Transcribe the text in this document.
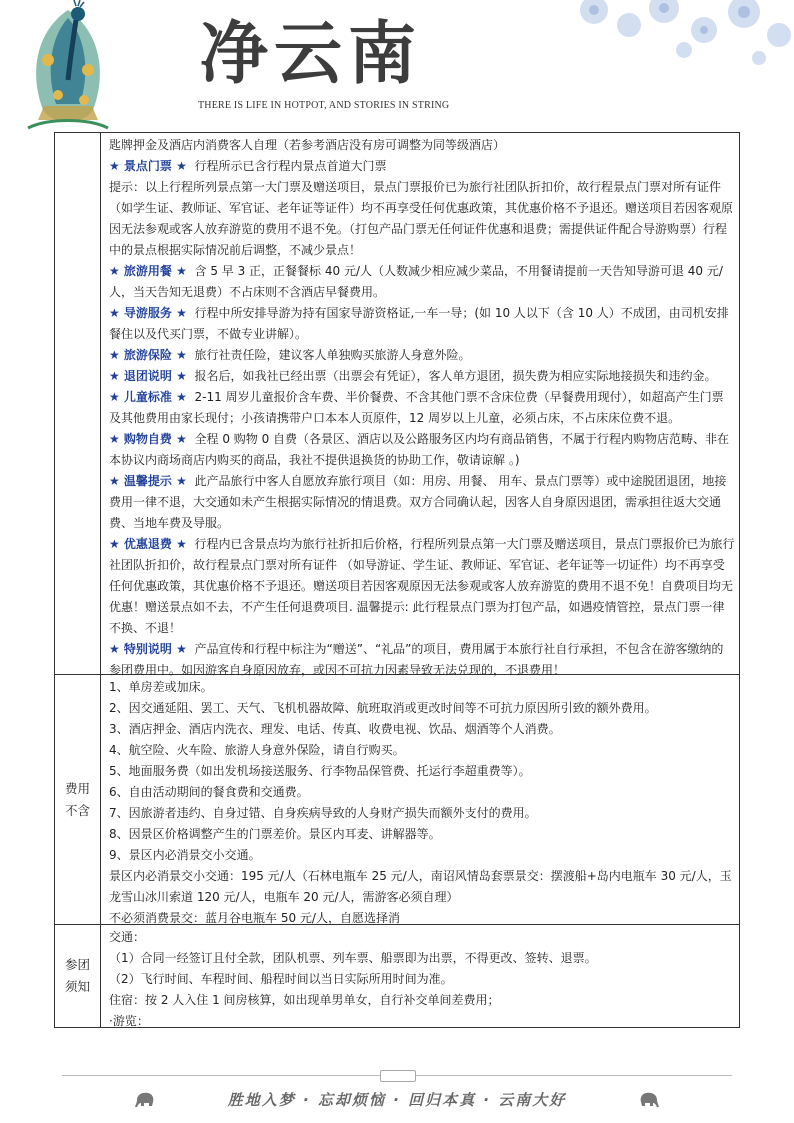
净云南
THERE IS LIFE IN HOTPOT, AND STORIES IN STRING

匙牌押金及酒店内消费客人自理（若参考酒店没有房可调整为同等级酒店）

★ 景点门票 ★ 行程所示已含行程内景点首道大门票

提示：以上行程所列景点第一大门票及赠送项目，景点门票报价已为旅行社团队折扣价，故行程景点门票对所有证件 （如学生证、教师证、军官证、老年证等证件）均不再享受任何优惠政策，其优惠价格不予退还。赠送项目若因客观原因无法参观或客人放弃游览的费用不退不免。（打包产品门票无任何证件优惠和退费；需提供证件配合导游购票）行程中的景点根据实际情况前后调整，不减少景点！

★ 旅游用餐 ★ 含 5 早 3 正，正餐餐标 40 元/人（人数减少相应减少菜品，不用餐请提前一天告知导游可退 40 元/人，当天告知无退费）不占床则不含酒店早餐费用。

★ 导游服务 ★ 行程中所安排导游为持有国家导游资格证,一车一导；(如 10 人以下（含 10 人）不成团，由司机安排餐住以及代买门票，不做专业讲解）。

★ 旅游保险 ★ 旅行社责任险，建议客人单独购买旅游人身意外险。

★ 退团说明 ★ 报名后，如我社已经出票（出票会有凭证），客人单方退团，损失费为相应实际地接损失和违约金。

★ 儿童标准 ★ 2-11 周岁儿童报价含车费、半价餐费、不含其他门票不含床位费（早餐费用现付），如超高产生门票及其他费用由家长现付；小孩请携带户口本本人页原件，12 周岁以上儿童，必须占床，不占床床位费不退。

★ 购物自费 ★ 全程 0 购物 0 自费（各景区、酒店以及公路服务区内均有商品销售，不属于行程内购物店范畴、非在本协议内商场商店内购买的商品，我社不提供退换货的协助工作，敬请谅解 。)

★ 温馨提示 ★ 此产品旅行中客人自愿放弃旅行项目（如：用房、用餐、 用车、景点门票等）或中途脱团退团，地接费用一律不退，大交通如未产生根据实际情况的情退费。双方合同确认起，因客人自身原因退团，需承担往返大交通费、当地车费及导服。

★ 优惠退费 ★ 行程内已含景点均为旅行社折扣后价格，行程所列景点第一大门票及赠送项目，景点门票报价已为旅行社团队折扣价，故行程景点门票对所有证件 （如导游证、学生证、教师证、军官证、老年证等一切证件）均不再享受任何优惠政策，其优惠价格不予退还。赠送项目若因客观原因无法参观或客人放弃游览的费用不退不免！自费项目均无优惠！赠送景点如不去，不产生任何退费项目. 温馨提示: 此行程景点门票为打包产品，如遇疫情管控，景点门票一律不换、不退！

★ 特别说明 ★ 产品宣传和行程中标注为“赠送”、“礼品”的项目，费用属于本旅行社自行承担，不包含在游客缴纳的参团费用中。如因游客自身原因放弃，或因不可抗力因素导致无法兑现的，不退费用！

费用
不含

1、单房差或加床。

2、因交通延阻、罢工、天气、飞机机器故障、航班取消或更改时间等不可抗力原因所引致的额外费用。

3、酒店押金、酒店内洗衣、理发、电话、传真、收费电视、饮品、烟酒等个人消费。

4、航空险、火车险、旅游人身意外保险，请自行购买。

5、地面服务费（如出发机场接送服务、行李物品保管费、托运行李超重费等）。

6、自由活动期间的餐食费和交通费。

7、因旅游者违约、自身过错、自身疾病导致的人身财产损失而额外支付的费用。

8、因景区价格调整产生的门票差价。景区内耳麦、讲解器等。

9、景区内必消景交小交通。

景区内必消景交小交通：195 元/人（石林电瓶车 25 元/人，南诏风情岛套票景交：摆渡船+岛内电瓶车 30 元/人，玉龙雪山冰川索道 120 元/人，电瓶车 20 元/人，需游客必须自理）

不必须消费景交：蓝月谷电瓶车 50 元/人，自愿选择消

参团
须知

交通：

（1）合同一经签订且付全款，团队机票、列车票、船票即为出票，不得更改、签转、退票。

（2）飞行时间、车程时间、船程时间以当日实际所用时间为准。

住宿：按 2 人入住 1 间房核算，如出现单男单女，自行补交单间差费用；

·游览：

胜地入梦 · 忘却烦恼 · 回归本真 · 云南大好
